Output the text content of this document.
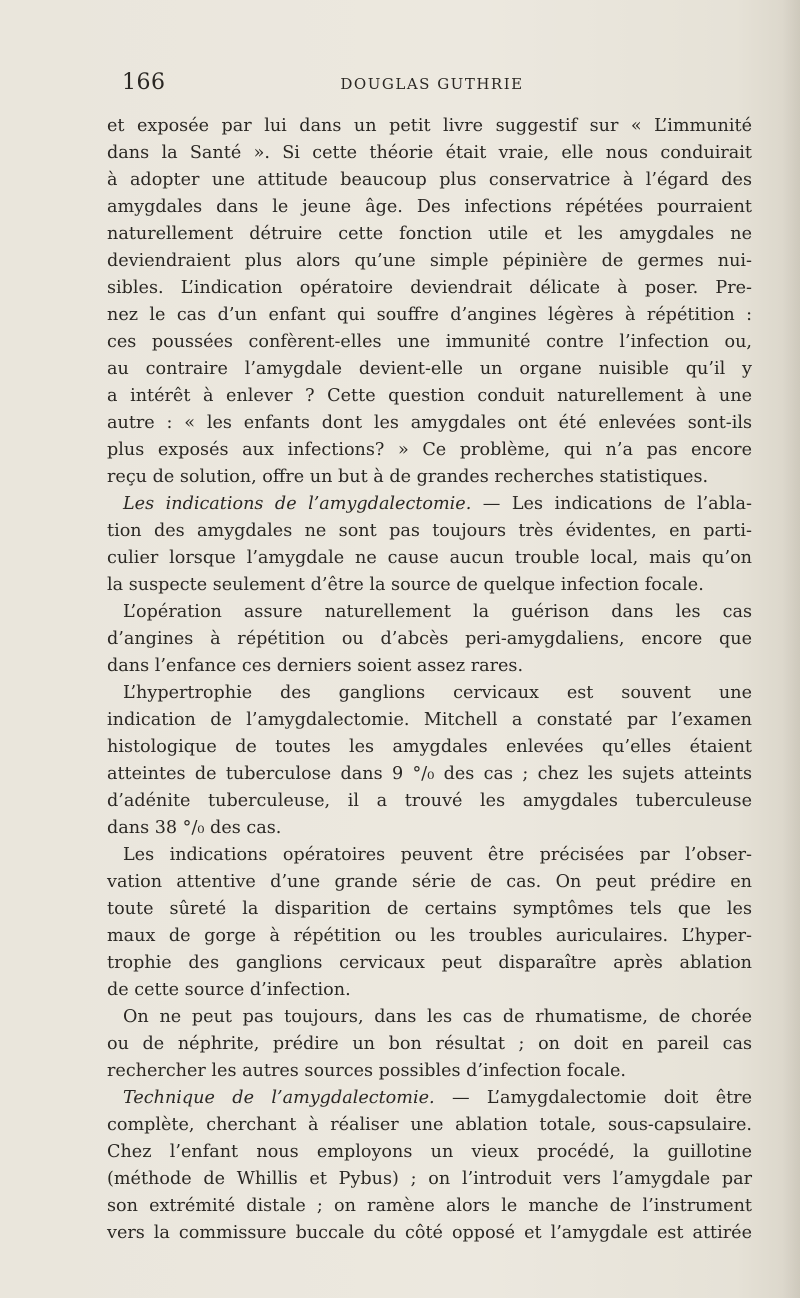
166	DOUGLAS GUTHRIE
et exposée par lui dans un petit livre suggestif sur « L’immunité
dans la Santé ». Si cette théorie était vraie, elle nous conduirait
à adopter une attitude beaucoup plus conservatrice à l’égard des
amygdales dans le jeune âge. Des infections répétées pourraient
naturellement détruire cette fonction utile et les amygdales ne
deviendraient plus alors qu’une simple pépinière de germes nui-
sibles. L’indication opératoire deviendrait délicate à poser. Pre-
nez le cas d’un enfant qui souffre d’angines légères à répétition :
ces poussées confèrent-elles une immunité contre l’infection ou,
au contraire l’amygdale devient-elle un organe nuisible qu’il y
a intérêt à enlever ? Cette question conduit naturellement à une
autre : « les enfants dont les amygdales ont été enlevées sont-ils
plus exposés aux infections? » Ce problème, qui n’a pas encore
reçu de solution, offre un but à de grandes recherches statistiques.
Les indications de l’amygdalectomie. — Les indications de l’abla-
tion des amygdales ne sont pas toujours très évidentes, en parti-
culier lorsque l’amygdale ne cause aucun trouble local, mais qu’on
la suspecte seulement d’être la source de quelque infection focale.
L’opération assure naturellement la guérison dans les cas
d’angines à répétition ou d’abcès peri-amygdaliens, encore que
dans l’enfance ces derniers soient assez rares.
L’hypertrophie des ganglions cervicaux est souvent une
indication de l’amygdalectomie. Mitchell a constaté par l’examen
histologique de toutes les amygdales enlevées qu’elles étaient
atteintes de tuberculose dans 9 °/₀ des cas ; chez les sujets atteints
d’adénite tuberculeuse, il a trouvé les amygdales tuberculeuse
dans 38 °/₀ des cas.
Les indications opératoires peuvent être précisées par l’obser-
vation attentive d’une grande série de cas. On peut prédire en
toute sûreté la disparition de certains symptômes tels que les
maux de gorge à répétition ou les troubles auriculaires. L’hyper-
trophie des ganglions cervicaux peut disparaître après ablation
de cette source d’infection.
On ne peut pas toujours, dans les cas de rhumatisme, de chorée
ou de néphrite, prédire un bon résultat ; on doit en pareil cas
rechercher les autres sources possibles d’infection focale.
Technique de l’amygdalectomie. — L’amygdalectomie doit être
complète, cherchant à réaliser une ablation totale, sous-capsulaire.
Chez l’enfant nous employons un vieux procédé, la guillotine
(méthode de Whillis et Pybus) ; on l’introduit vers l’amygdale par
son extrémité distale ; on ramène alors le manche de l’instrument
vers la commissure buccale du côté opposé et l’amygdale est attirée
